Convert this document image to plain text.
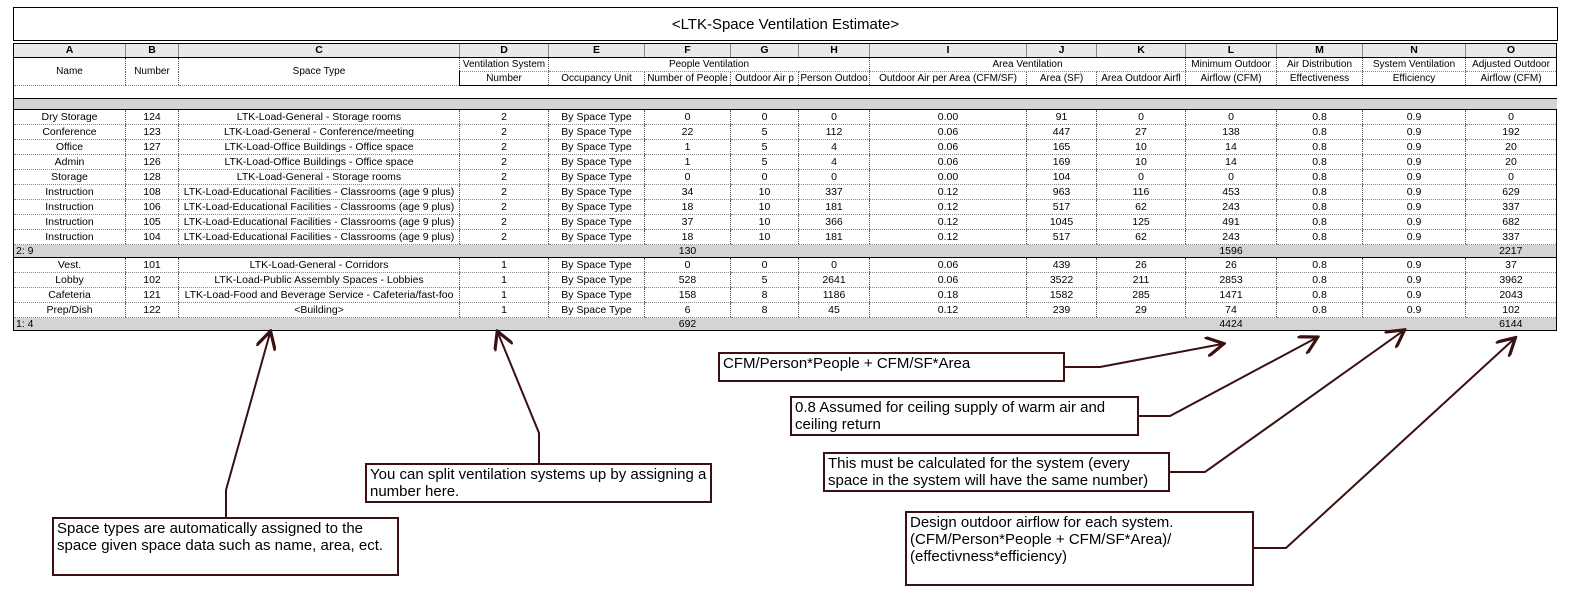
<LTK-Space Ventilation Estimate>
A	B	C	D	E	F	G	H	I	J	K	L	M	N	O
Name	Number	Space Type	Ventilation System	People Ventilation				Area Ventilation			Minimum Outdoor	Air Distribution	System Ventilation	Adjusted Outdoor
			Number	Occupancy Unit	Number of People	Outdoor Air p	Person Outdoo	Outdoor Air per Area (CFM/SF)	Area (SF)	Area Outdoor Airfl	Airflow (CFM)	Effectiveness	Efficiency	Airflow (CFM)

Dry Storage	124	LTK-Load-General - Storage rooms	2	By Space Type	0	0	0	0.00	91	0	0	0.8	0.9	0
Conference	123	LTK-Load-General - Conference/meeting	2	By Space Type	22	5	112	0.06	447	27	138	0.8	0.9	192
Office	127	LTK-Load-Office Buildings - Office space	2	By Space Type	1	5	4	0.06	165	10	14	0.8	0.9	20
Admin	126	LTK-Load-Office Buildings - Office space	2	By Space Type	1	5	4	0.06	169	10	14	0.8	0.9	20
Storage	128	LTK-Load-General - Storage rooms	2	By Space Type	0	0	0	0.00	104	0	0	0.8	0.9	0
Instruction	108	LTK-Load-Educational Facilities - Classrooms (age 9 plus)	2	By Space Type	34	10	337	0.12	963	116	453	0.8	0.9	629
Instruction	106	LTK-Load-Educational Facilities - Classrooms (age 9 plus)	2	By Space Type	18	10	181	0.12	517	62	243	0.8	0.9	337
Instruction	105	LTK-Load-Educational Facilities - Classrooms (age 9 plus)	2	By Space Type	37	10	366	0.12	1045	125	491	0.8	0.9	682
Instruction	104	LTK-Load-Educational Facilities - Classrooms (age 9 plus)	2	By Space Type	18	10	181	0.12	517	62	243	0.8	0.9	337
2: 9					130						1596			2217
Vest.	101	LTK-Load-General - Corridors	1	By Space Type	0	0	0	0.06	439	26	26	0.8	0.9	37
Lobby	102	LTK-Load-Public Assembly Spaces - Lobbies	1	By Space Type	528	5	2641	0.06	3522	211	2853	0.8	0.9	3962
Cafeteria	121	LTK-Load-Food and Beverage Service - Cafeteria/fast-foo	1	By Space Type	158	8	1186	0.18	1582	285	1471	0.8	0.9	2043
Prep/Dish	122	<Building>	1	By Space Type	6	8	45	0.12	239	29	74	0.8	0.9	102
1: 4					692						4424			6144
Space types are automatically assigned to the space given space data such as name, area, ect.
You can split ventilation systems up by assigning a number here.
CFM/Person*People + CFM/SF*Area
0.8 Assumed for ceiling supply of warm air and ceiling return
This must be calculated for the system (every space in the system will have the same number)
Design outdoor airflow for each system. (CFM/Person*People + CFM/SF*Area)/ (effectivness*efficiency)
